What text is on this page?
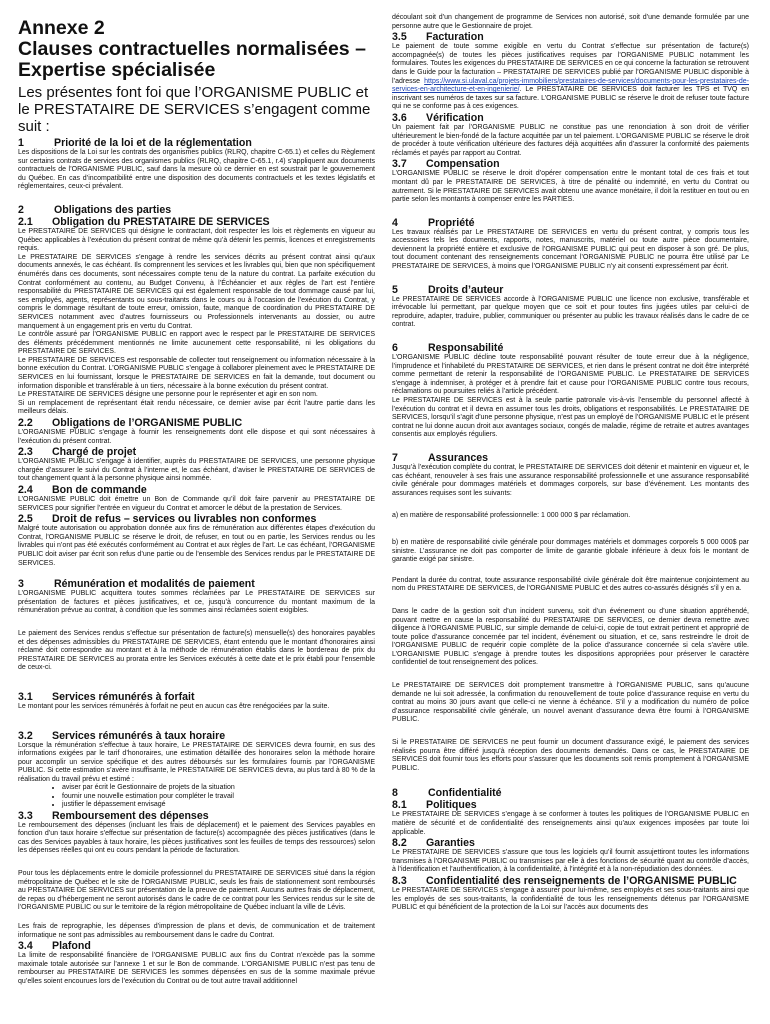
Annexe 2
Clauses contractuelles normalisées –
Expertise spécialisée
Les présentes font foi que l’ORGANISME PUBLIC et le PRESTATAIRE DE SERVICES s’engagent comme suit :
1	Priorité de la loi et de la réglementation

Les dispositions de la Loi sur les contrats des organismes publics (RLRQ, chapitre C-65.1) et celles du Règlement sur certains contrats de services des organismes publics (RLRQ, chapitre C-65.1, r.4) s’appliquent aux documents contractuels de l’ORGANISME PUBLIC, sauf dans la mesure où ce dernier en est soustrait par le gouvernement du Québec. En cas d’incompatibilité entre une disposition des documents contractuels et les textes législatifs et réglementaires, ceux-ci prévalent.

2	Obligations des parties
2.1	Obligation du PRESTATAIRE DE SERVICES

Le PRESTATAIRE DE SERVICES qui désigne le contractant, doit respecter les lois et règlements en vigueur au Québec applicables à l’exécution du présent contrat de même qu’à détenir les permis, licences et enregistrements requis.

Le PRESTATAIRE DE SERVICES s’engage à rendre les services décrits au présent contrat ainsi qu’aux documents annexés, le cas échéant. Ils comprennent les services et les livrables qui, bien que non spécifiquement énumérés dans ces documents, sont nécessaires compte tenu de la nature du contrat. La parfaite exécution du Contrat conformément au contenu, au Budget Convenu, à l’Échéancier et aux règles de l’art est l’entière responsabilité du PRESTATAIRE DE SERVICES qui est également responsable de tout dommage causé par lui, ses employés, agents, représentants ou sous-traitants dans le cours ou à l’occasion de l’exécution du Contrat, y compris le dommage résultant de toute erreur, omission, faute, manque de coordination du PRESTATAIRE DE SERVICES notamment avec d’autres fournisseurs ou Professionnels intervenants au dossier, ou autre manquement à un engagement pris en vertu du Contrat.

Le contrôle assuré par l’ORGANISME PUBLIC en rapport avec le respect par le PRESTATAIRE DE SERVICES des éléments précédemment mentionnés ne limite aucunement cette responsabilité, ni les obligations du PRESTATAIRE DE SERVICES.

Le PRESTATAIRE DE SERVICES est responsable de collecter tout renseignement ou information nécessaire à la bonne exécution du Contrat. L’ORGANISME PUBLIC s’engage à collaborer pleinement avec le PRESTATAIRE DE SERVICES en lui fournissant, lorsque le PRESTATAIRE DE SERVICES en fait la demande, tout document ou information disponible et transférable à un tiers, nécessaire à la bonne exécution du présent contrat.

Le PRESTATAIRE DE SERVICES désigne une personne pour le représenter et agir en son nom.

Si un remplacement de représentant était rendu nécessaire, ce dernier avise par écrit l’autre partie dans les meilleurs délais.

2.2	Obligations de l’ORGANISME PUBLIC

L’ORGANISME PUBLIC s’engage à fournir les renseignements dont elle dispose et qui sont nécessaires à l’exécution du présent contrat.

2.3	Chargé de projet

L’ORGANISME PUBLIC s’engage à identifier, auprès du PRESTATAIRE DE SERVICES, une personne physique chargée d’assurer le suivi du Contrat à l’interne et, le cas échéant, d’aviser le PRESTATAIRE DE SERVICES de tout changement quant à la personne physique ainsi nommée.

2.4	Bon de commande

L’ORGANISME PUBLIC doit émettre un Bon de Commande qu’il doit faire parvenir au PRESTATAIRE DE SERVICES pour signifier l’entrée en vigueur du Contrat et amorcer le début de la prestation de Services.

2.5	Droit de refus – services ou livrables non conformes

Malgré toute autorisation ou approbation donnée aux fins de rémunération aux différentes étapes d’exécution du Contrat, l’ORGANISME PUBLIC se réserve le droit, de refuser, en tout ou en partie, les Services rendus ou les livrables qui n’ont pas été exécutés conformément au Contrat et aux règles de l’art. Le cas échéant, l’ORGANISME PUBLIC doit aviser par écrit son refus d’une partie ou de l’ensemble des Services rendus par le PRESTATAIRE DE SERVICES.

3	Rémunération et modalités de paiement

L’ORGANISME PUBLIC acquittera toutes sommes réclamées par Le PRESTATAIRE DE SERVICES sur présentation de factures et pièces justificatives, et ce, jusqu’à concurrence du montant maximum de la rémunération prévue au contrat, à condition que les sommes ainsi réclamées soient exigibles.

Le paiement des Services rendus s’effectue sur présentation de facture(s) mensuelle(s) des honoraires payables et des dépenses admissibles du PRESTATAIRE DE SERVICES, étant entendu que le montant d’honoraires ainsi réclamé doit correspondre au montant et à la méthode de rémunération établis dans le bordereau de prix du PRESTATAIRE DE SERVICES au prorata entre les Services exécutés à cette date et le prix établi pour l’ensemble de ceux-ci.

3.1	Services rémunérés à forfait

Le montant pour les services rémunérés à forfait ne peut en aucun cas être renégociées par la suite.

3.2	Services rémunérés à taux horaire

Lorsque la rémunération s’effectue à taux horaire, Le PRESTATAIRE DE SERVICES devra fournir, en sus des informations exigées par le tarif d’honoraires, une estimation détaillée des honoraires selon la méthode horaire pour accomplir un service spécifique et des autres déboursés sur les formulaires fournis par l’ORGANISME PUBLIC. Si cette estimation s’avère insuffisante, le PRESTATAIRE DE SERVICES devra, au plus tard à 80 % de la réalisation du travail prévu et estimé :

• aviser par écrit le Gestionnaire de projets de la situation
• fournir une nouvelle estimation pour compléter le travail
• justifier le dépassement envisagé
3.3	Remboursement des dépenses

Le remboursement des dépenses (incluant les frais de déplacement) et le paiement des Services payables en fonction d’un taux horaire s’effectue sur présentation de facture(s) accompagnée des pièces justificatives (dans le cas des Services payables à taux horaire, les pièces justificatives sont les feuilles de temps des ressources) selon les dépenses réelles qui ont eu cours pendant la période de facturation.

Pour tous les déplacements entre le domicile professionnel du PRESTATAIRE DE SERVICES situé dans la région métropolitaine de Québec et le site de l’ORGANISME PUBLIC, seuls les frais de stationnement sont remboursés au PRESTATAIRE DE SERVICES sur présentation de la preuve de paiement. Aucuns autres frais de déplacement, de repas ou d’hébergement ne seront autorisés dans le cadre de ce contrat pour les Services rendus sur le site de l’ORGANISME PUBLIC ou sur le territoire de la région métropolitaine de Québec incluant la ville de Lévis.

Les frais de reprographie, les dépenses d’impression de plans et devis, de communication et de traitement informatique ne sont pas admissibles au remboursement dans le cadre du Contrat.

3.4	Plafond

La limite de responsabilité financière de l’ORGANISME PUBLIC aux fins du Contrat n’excède pas la somme maximale totale autorisée sur l’annexe 1 et sur le Bon de commande. L’ORGANISME PUBLIC n’est pas tenu de rembourser au PRESTATAIRE DE SERVICES les sommes dépensées en sus de la somme maximale prévue qu’elles soient encourues lors de l’exécution du Contrat ou de tout autre travail additionnel

découlant soit d’un changement de programme de Services non autorisé, soit d’une demande formulée par une personne autre que le Gestionnaire de projet.

3.5	Facturation

Le paiement de toute somme exigible en vertu du Contrat s’effectue sur présentation de facture(s) accompagnée(s) de toutes les pièces justificatives requises par l’ORGANISME PUBLIC notamment les formulaires. Toutes les exigences du PRESTATAIRE DE SERVICES en ce qui concerne la facturation se retrouvent dans le Guide pour la facturation – PRESTATAIRE DE SERVICES publié par l’ORGANISME PUBLIC disponible à l’adresse https://www.si.ulaval.ca/projets-immobiliers/prestataires-de-services/documents-pour-les-prestataires-de-services-en-architecture-et-en-ingenierie/. Le PRESTATAIRE DE SERVICES doit facturer les TPS et TVQ en inscrivant ses numéros de taxes sur sa facture. L’ORGANISME PUBLIC se réserve le droit de refuser toute facture qui ne se conforme pas à ces exigences.

3.6	Vérification

Un paiement fait par l’ORGANISME PUBLIC ne constitue pas une renonciation à son droit de vérifier ultérieurement le bien-fondé de la facture acquittée par un tel paiement. L’ORGANISME PUBLIC se réserve le droit de procéder à toute vérification ultérieure des factures déjà acquittées afin d’assurer la conformité des paiements réclamés et payés par rapport au Contrat.

3.7	Compensation

L’ORGANISME PUBLIC se réserve le droit d’opérer compensation entre le montant total de ces frais et tout montant dû par le PRESTATAIRE DE SERVICES, à titre de pénalité ou indemnité, en vertu du Contrat ou autrement. Si le PRESTATAIRE DE SERVICES avait obtenu une avance monétaire, il doit la restituer en tout ou en partie selon les montants à compenser entre les PARTIES.

4	Propriété

Les travaux réalisés par Le PRESTATAIRE DE SERVICES en vertu du présent contrat, y compris tous les accessoires tels les documents, rapports, notes, manuscrits, matériel ou toute autre pièce documentaire, deviennent la propriété entière et exclusive de l’ORGANISME PUBLIC qui peut en disposer à son gré. De plus, tout document contenant des renseignements concernant l’ORGANISME PUBLIC ne pourra être utilisé par Le PRESTATAIRE DE SERVICES, à moins que l’ORGANISME PUBLIC n’y ait consenti expressément par écrit.

5	Droits d’auteur

Le PRESTATAIRE DE SERVICES accorde à l’ORGANISME PUBLIC une licence non exclusive, transférable et irrévocable lui permettant, par quelque moyen que ce soit et pour toutes fins jugées utiles par celui-ci de reproduire, adapter, traduire, publier, communiquer ou présenter au public les travaux réalisés dans le cadre de ce contrat.

6	Responsabilité

L’ORGANISME PUBLIC décline toute responsabilité pouvant résulter de toute erreur due à la négligence, l’imprudence et l’inhabileté du PRESTATAIRE DE SERVICES, et rien dans le présent contrat ne doit être interprété comme permettant de retenir la responsabilité de l’ORGANISME PUBLIC. Le PRESTATAIRE DE SERVICES s’engage à indemniser, à protéger et à prendre fait et cause pour l’ORGANISME PUBLIC contre tous recours, réclamations ou poursuites reliés à l’article précédent.

Le PRESTATAIRE DE SERVICES est à la seule partie patronale vis-à-vis l’ensemble du personnel affecté à l’exécution du contrat et il devra en assumer tous les droits, obligations et responsabilités. Le PRESTATAIRE DE SERVICES, lorsqu’il s’agit d’une personne physique, n’est pas un employé de l’ORGANISME PUBLIC et le présent contrat ne lui donne aucun droit aux avantages sociaux, congés de maladie, régime de retraite et autres avantages consentis aux employés réguliers.

7	Assurances

Jusqu’à l’exécution complète du contrat, le PRESTATAIRE DE SERVICES doit détenir et maintenir en vigueur et, le cas échéant, renouveler à ses frais une assurance responsabilité professionnelle et une assurance responsabilité civile générale pour dommages matériels et dommages corporels, sur base d’événement. Les montants des assurances requises sont les suivants:

a) en matière de responsabilité professionnelle: 1 000 000 $ par réclamation.

b) en matière de responsabilité civile générale pour dommages matériels et dommages corporels 5 000 000$ par sinistre. L’assurance ne doit pas comporter de limite de garantie globale inférieure à deux fois le montant de garantie exigé par sinistre.

Pendant la durée du contrat, toute assurance responsabilité civile générale doit être maintenue conjointement au nom du PRESTATAIRE DE SERVICES, de l’ORGANISME PUBLIC et des autres co-assurés désignés s’il y en a.

Dans le cadre de la gestion soit d’un incident survenu, soit d’un événement ou d’une situation appréhendé, pouvant mettre en cause la responsabilité du PRESTATAIRE DE SERVICES, ce dernier devra remettre avec diligence à l’ORGANISME PUBLIC, sur simple demande de celui-ci, copie de tout extrait pertinent et approprié de toute police d’assurance concernée par tel incident, événement ou situation, et ce, sans restreindre le droit de l’ORGANISME PUBLIC de requérir copie complète de la police d’assurance concernée si cela s’avère utile. L’ORGANISME PUBLIC s’engage à prendre toutes les dispositions appropriées pour préserver le caractère confidentiel de tout renseignement des polices.

Le PRESTATAIRE DE SERVICES doit promptement transmettre à l’ORGANISME PUBLIC, sans qu’aucune demande ne lui soit adressée, la confirmation du renouvellement de toute police d’assurance requise en vertu du contrat au moins 30 jours avant que celle-ci ne vienne à échéance. S’il y a modification du numéro de police d’assurance responsabilité civile générale, un nouvel avenant d’assurance devra être fourni à l’ORGANISME PUBLIC.

Si le PRESTATAIRE DE SERVICES ne peut fournir un document d’assurance exigé, le paiement des services réalisés pourra être différé jusqu’à réception des documents demandés. Dans ce cas, le PRESTATAIRE DE SERVICES doit fournir tous les efforts pour s’assurer que les documents soit remis promptement à l’ORGANISME PUBLIC.

8	Confidentialité
8.1	Politiques

Le PRESTATAIRE DE SERVICES s’engage à se conformer à toutes les politiques de l’ORGANISME PUBLIC en matière de sécurité et de confidentialité des renseignements ainsi qu’aux exigences imposées par toute loi applicable.

8.2	Garanties

Le PRESTATAIRE DE SERVICES s’assure que tous les logiciels qu’il fournit assujettiront toutes les informations transmises à l’ORGANISME PUBLIC ou transmises par elle à des fonctions de sécurité quant au contrôle d’accès, à l’identification et l’authentification, à la confidentialité, à l’intégrité et à la non-répudiation des données.

8.3	Confidentialité des renseignements de l’ORGANISME PUBLIC

Le PRESTATAIRE DE SERVICES s’engage à assurer pour lui-même, ses employés et ses sous-traitants ainsi que les employés de ses sous-traitants, la confidentialité de tous les renseignements détenus par l’ORGANISME PUBLIC et qui bénéficient de la protection de la Loi sur l’accès aux documents des
